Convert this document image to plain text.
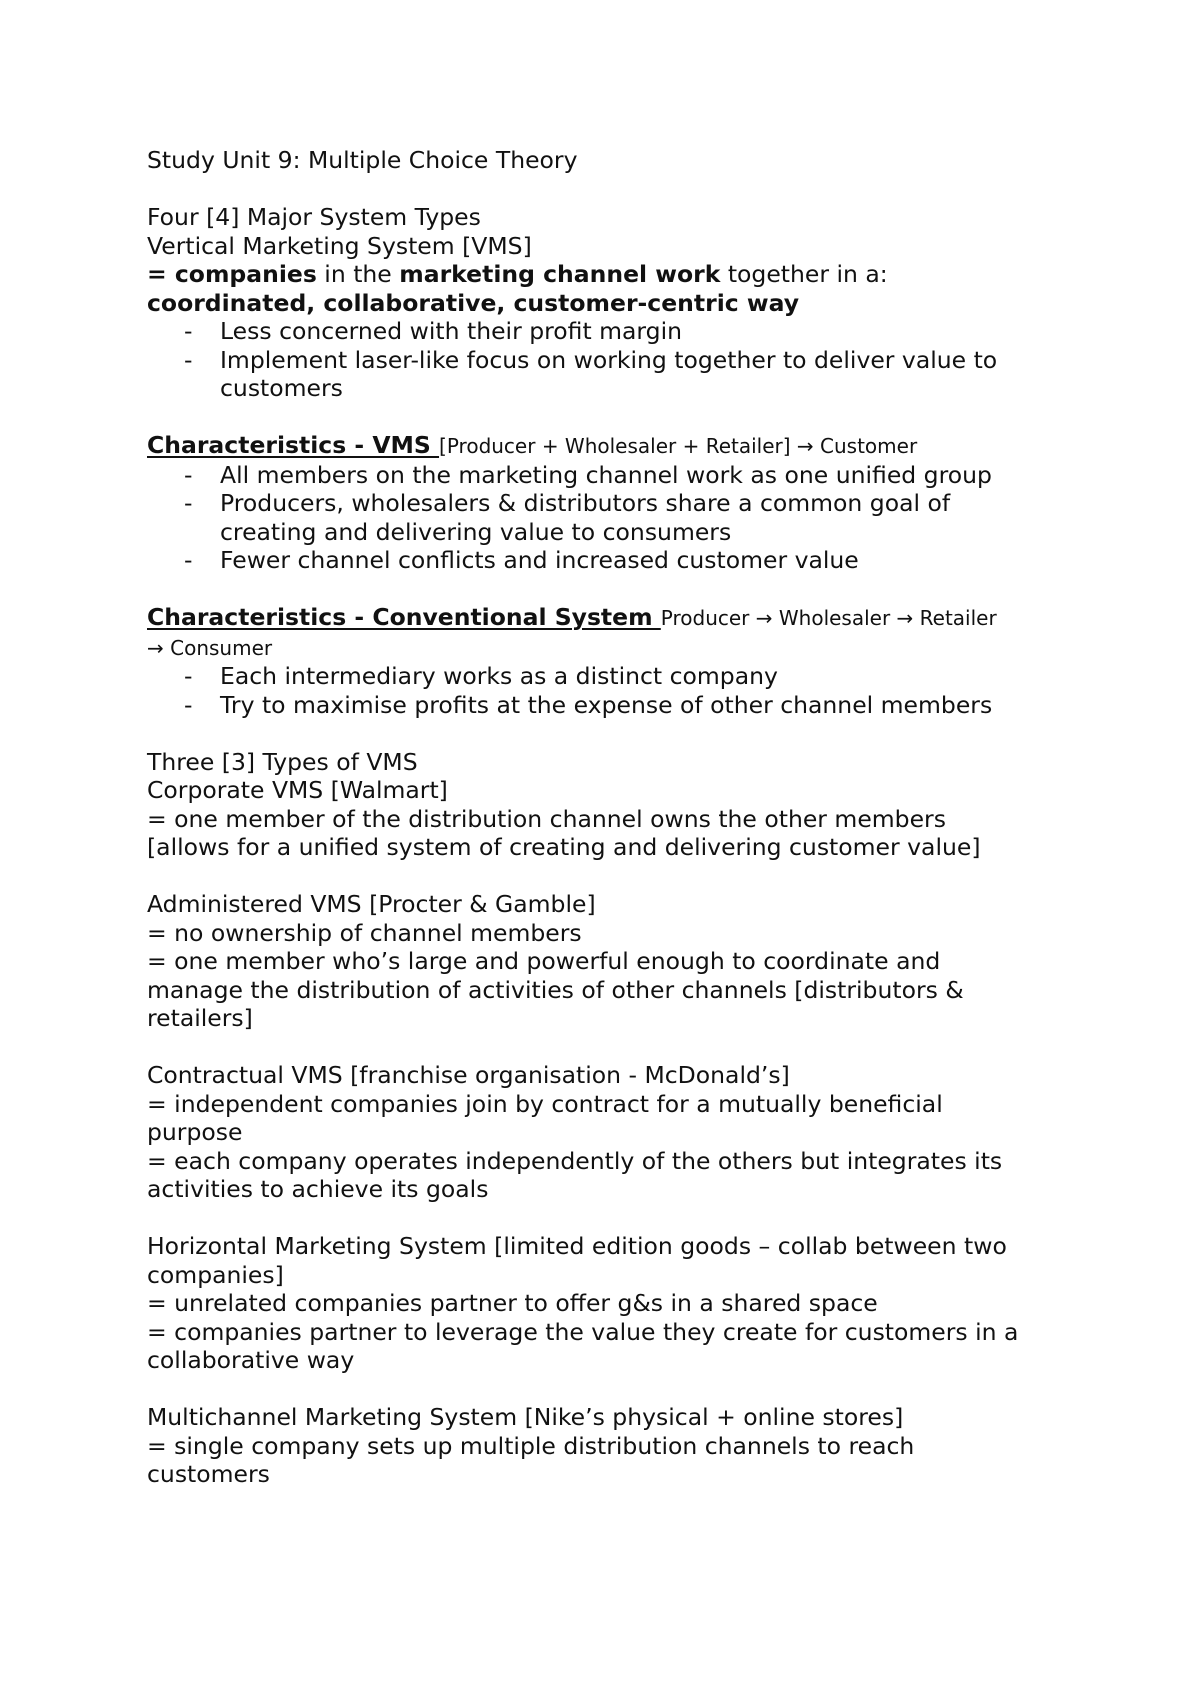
Study Unit 9: Multiple Choice Theory

Four [4] Major System Types

Vertical Marketing System [VMS]

= companies in the marketing channel work together in a:

coordinated, collaborative, customer-centric way

- Less concerned with their profit margin
- Implement laser-like focus on working together to deliver value to customers

Characteristics - VMS [Producer + Wholesaler + Retailer] → Customer

- All members on the marketing channel work as one unified group
- Producers, wholesalers & distributors share a common goal of creating and delivering value to consumers
- Fewer channel conflicts and increased customer value

Characteristics - Conventional System Producer → Wholesaler → Retailer → Consumer

- Each intermediary works as a distinct company
- Try to maximise profits at the expense of other channel members

Three [3] Types of VMS

Corporate VMS [Walmart]

= one member of the distribution channel owns the other members

[allows for a unified system of creating and delivering customer value]

Administered VMS [Procter & Gamble]

= no ownership of channel members

= one member who’s large and powerful enough to coordinate and manage the distribution of activities of other channels [distributors & retailers]

Contractual VMS [franchise organisation - McDonald’s]

= independent companies join by contract for a mutually beneficial purpose

= each company operates independently of the others but integrates its activities to achieve its goals

Horizontal Marketing System [limited edition goods – collab between two companies]

= unrelated companies partner to offer g&s in a shared space

= companies partner to leverage the value they create for customers in a collaborative way

Multichannel Marketing System [Nike’s physical + online stores]

= single company sets up multiple distribution channels to reach customers
